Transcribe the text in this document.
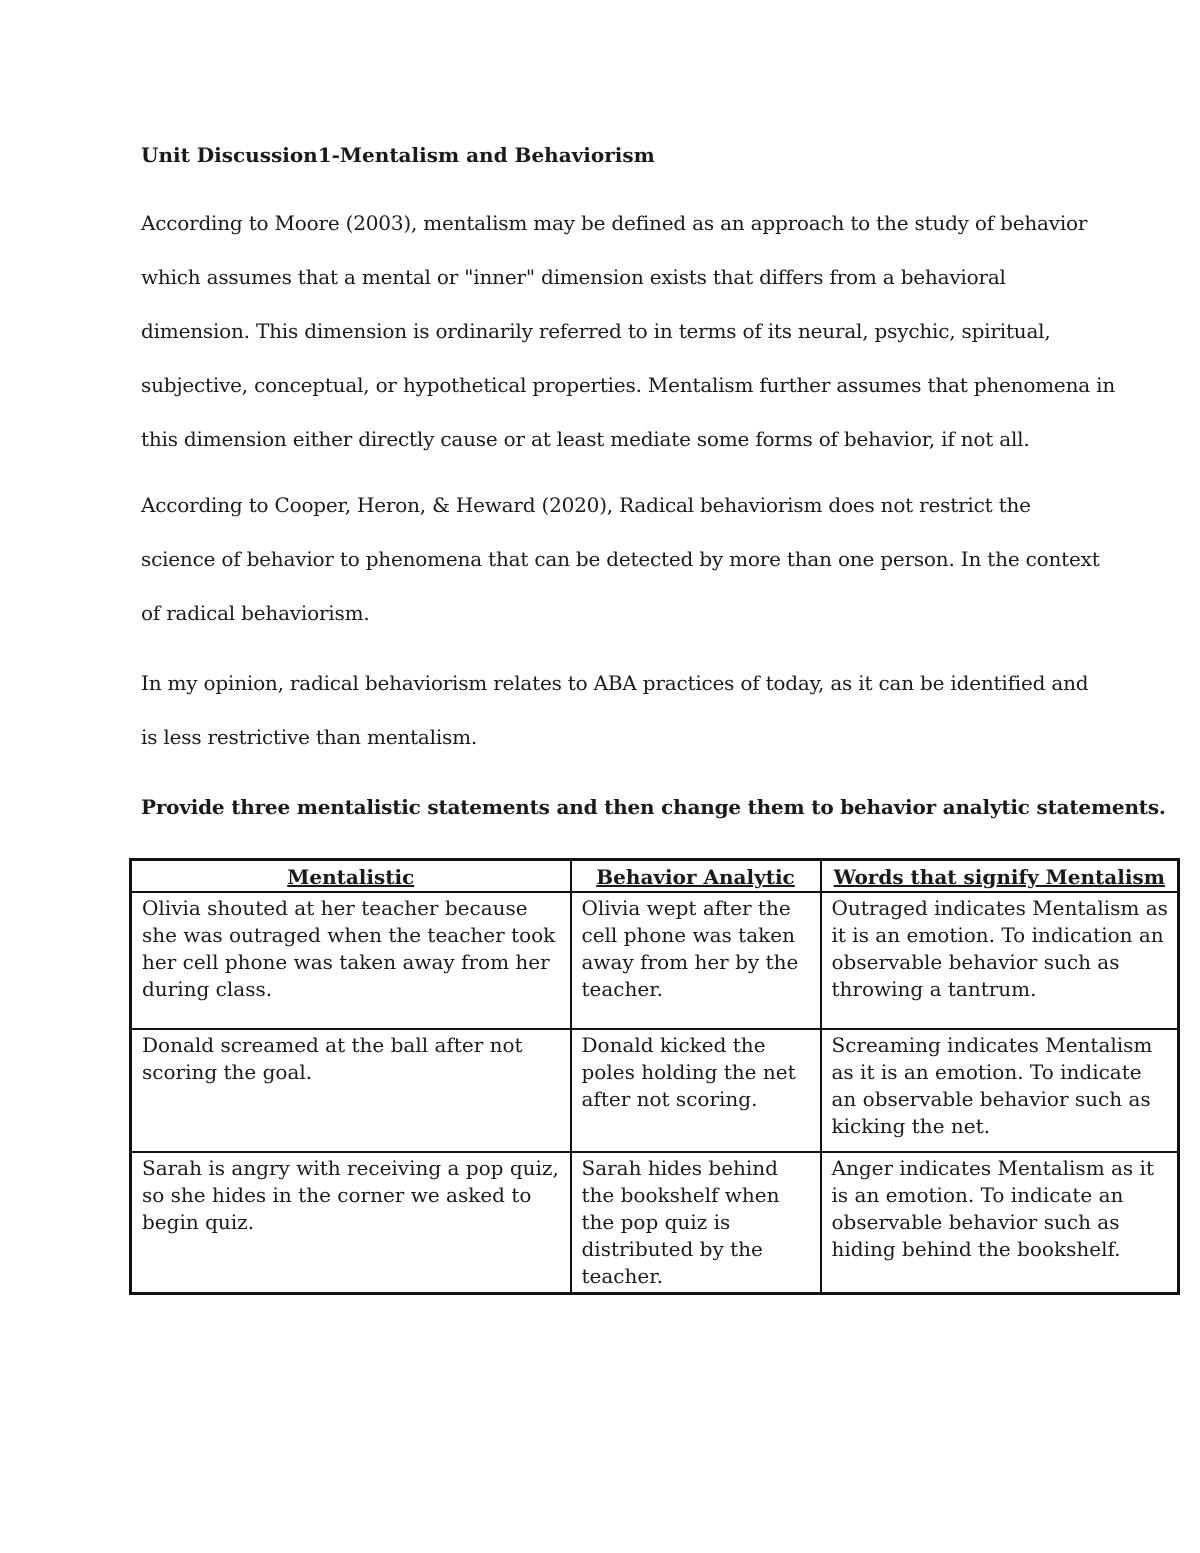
Unit Discussion1-Mentalism and Behaviorism
According to Moore (2003), mentalism may be defined as an approach to the study of behavior
which assumes that a mental or "inner" dimension exists that differs from a behavioral
dimension. This dimension is ordinarily referred to in terms of its neural, psychic, spiritual,
subjective, conceptual, or hypothetical properties. Mentalism further assumes that phenomena in
this dimension either directly cause or at least mediate some forms of behavior, if not all.
According to Cooper, Heron, & Heward (2020), Radical behaviorism does not restrict the
science of behavior to phenomena that can be detected by more than one person. In the context
of radical behaviorism.
In my opinion, radical behaviorism relates to ABA practices of today, as it can be identified and
is less restrictive than mentalism.
Provide three mentalistic statements and then change them to behavior analytic statements.
Mentalistic	Behavior Analytic	Words that signify Mentalism
Olivia shouted at her teacher because she was outraged when the teacher took her cell phone was taken away from her during class.	Olivia wept after the cell phone was taken away from her by the teacher.	Outraged indicates Mentalism as it is an emotion. To indication an observable behavior such as throwing a tantrum.
Donald screamed at the ball after not scoring the goal.	Donald kicked the poles holding the net after not scoring.	Screaming indicates Mentalism as it is an emotion. To indicate an observable behavior such as kicking the net.
Sarah is angry with receiving a pop quiz, so she hides in the corner we asked to begin quiz.	Sarah hides behind the bookshelf when the pop quiz is distributed by the teacher.	Anger indicates Mentalism as it is an emotion. To indicate an observable behavior such as hiding behind the bookshelf.
